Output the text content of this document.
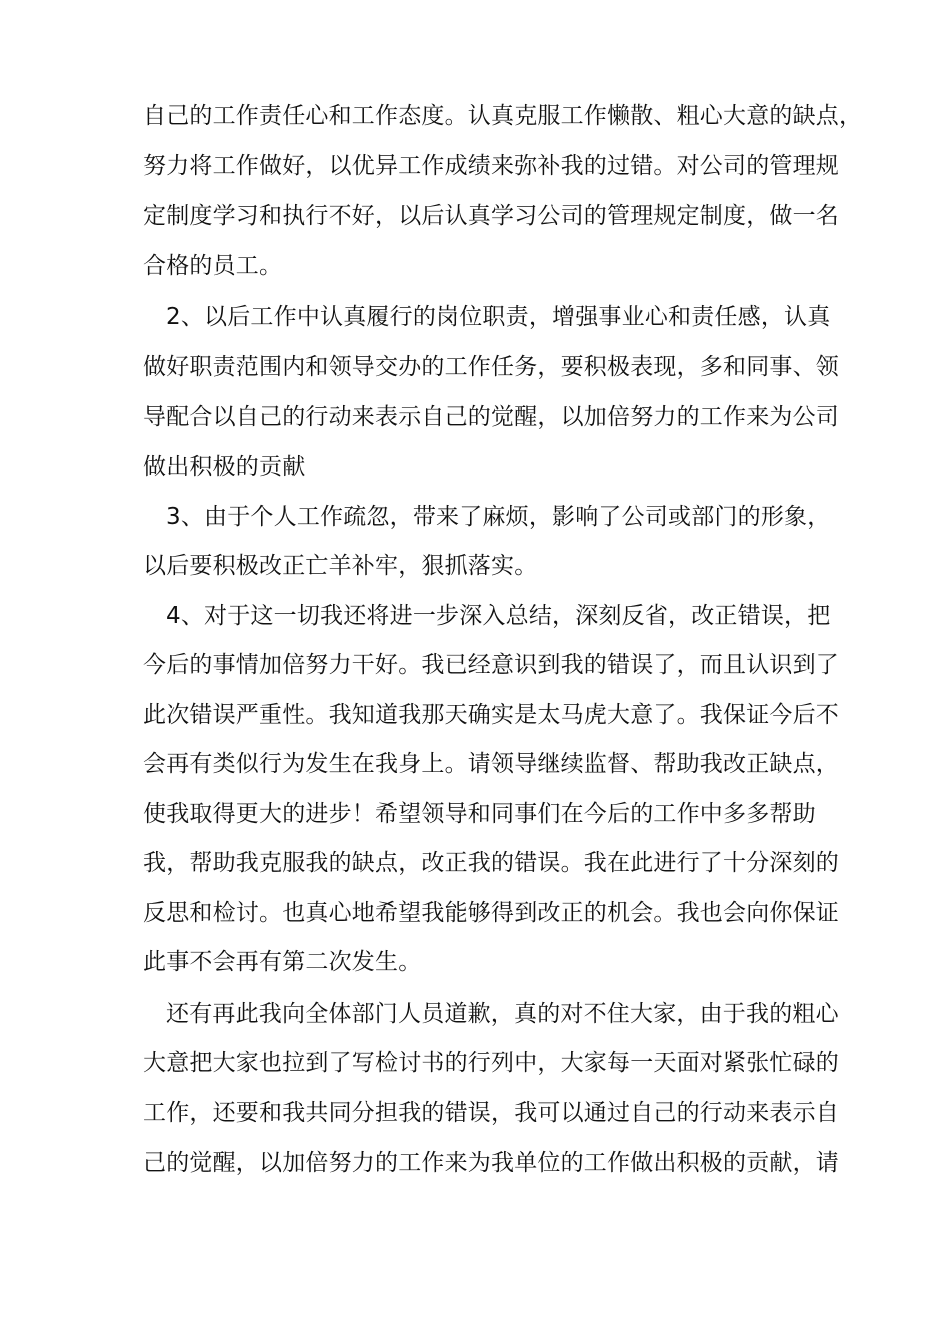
自己的工作责任心和工作态度。认真克服工作懒散、粗心大意的缺点，
努力将工作做好，以优异工作成绩来弥补我的过错。对公司的管理规
定制度学习和执行不好，以后认真学习公司的管理规定制度，做一名
合格的员工。
2、以后工作中认真履行的岗位职责，增强事业心和责任感，认真
做好职责范围内和领导交办的工作任务，要积极表现，多和同事、领
导配合以自己的行动来表示自己的觉醒，以加倍努力的工作来为公司
做出积极的贡献
3、由于个人工作疏忽，带来了麻烦，影响了公司或部门的形象，
以后要积极改正亡羊补牢，狠抓落实。
4、对于这一切我还将进一步深入总结，深刻反省，改正错误，把
今后的事情加倍努力干好。我已经意识到我的错误了，而且认识到了
此次错误严重性。我知道我那天确实是太马虎大意了。我保证今后不
会再有类似行为发生在我身上。请领导继续监督、帮助我改正缺点，
使我取得更大的进步！希望领导和同事们在今后的工作中多多帮助
我，帮助我克服我的缺点，改正我的错误。我在此进行了十分深刻的
反思和检讨。也真心地希望我能够得到改正的机会。我也会向你保证
此事不会再有第二次发生。
还有再此我向全体部门人员道歉，真的对不住大家，由于我的粗心
大意把大家也拉到了写检讨书的行列中，大家每一天面对紧张忙碌的
工作，还要和我共同分担我的错误，我可以通过自己的行动来表示自
己的觉醒，以加倍努力的工作来为我单位的工作做出积极的贡献，请
